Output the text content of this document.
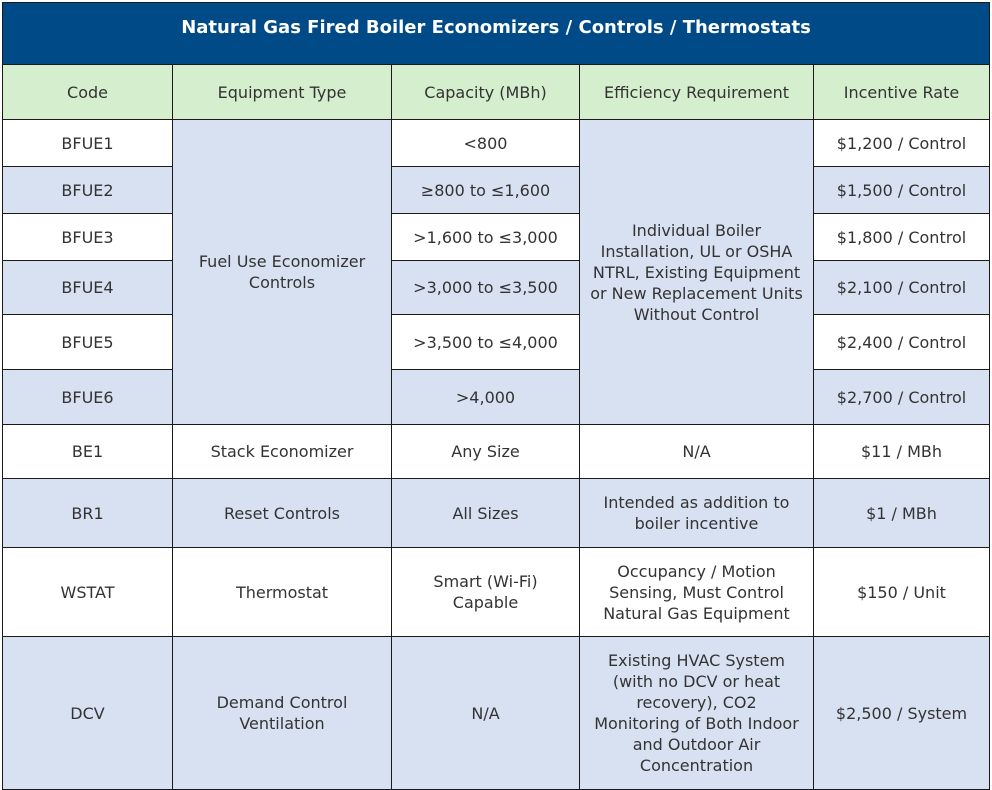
Natural Gas Fired Boiler Economizers / Controls / Thermostats				
Code	Equipment Type	Capacity (MBh)	Efficiency Requirement	Incentive Rate
BFUE1	Fuel Use Economizer Controls	<800	Individual Boiler Installation, UL or OSHA NTRL, Existing Equipment or New Replacement Units Without Control	$1,200 / Control
BFUE2		≥800 to ≤1,600		$1,500 / Control
BFUE3		>1,600 to ≤3,000		$1,800 / Control
BFUE4		>3,000 to ≤3,500		$2,100 / Control
BFUE5		>3,500 to ≤4,000		$2,400 / Control
BFUE6		>4,000		$2,700 / Control
BE1	Stack Economizer	Any Size	N/A	$11 / MBh
BR1	Reset Controls	All Sizes	Intended as addition to boiler incentive	$1 / MBh
WSTAT	Thermostat	Smart (Wi-Fi) Capable	Occupancy / Motion Sensing, Must Control Natural Gas Equipment	$150 / Unit
DCV	Demand Control Ventilation	N/A	Existing HVAC System (with no DCV or heat recovery), CO2 Monitoring of Both Indoor and Outdoor Air Concentration	$2,500 / System
